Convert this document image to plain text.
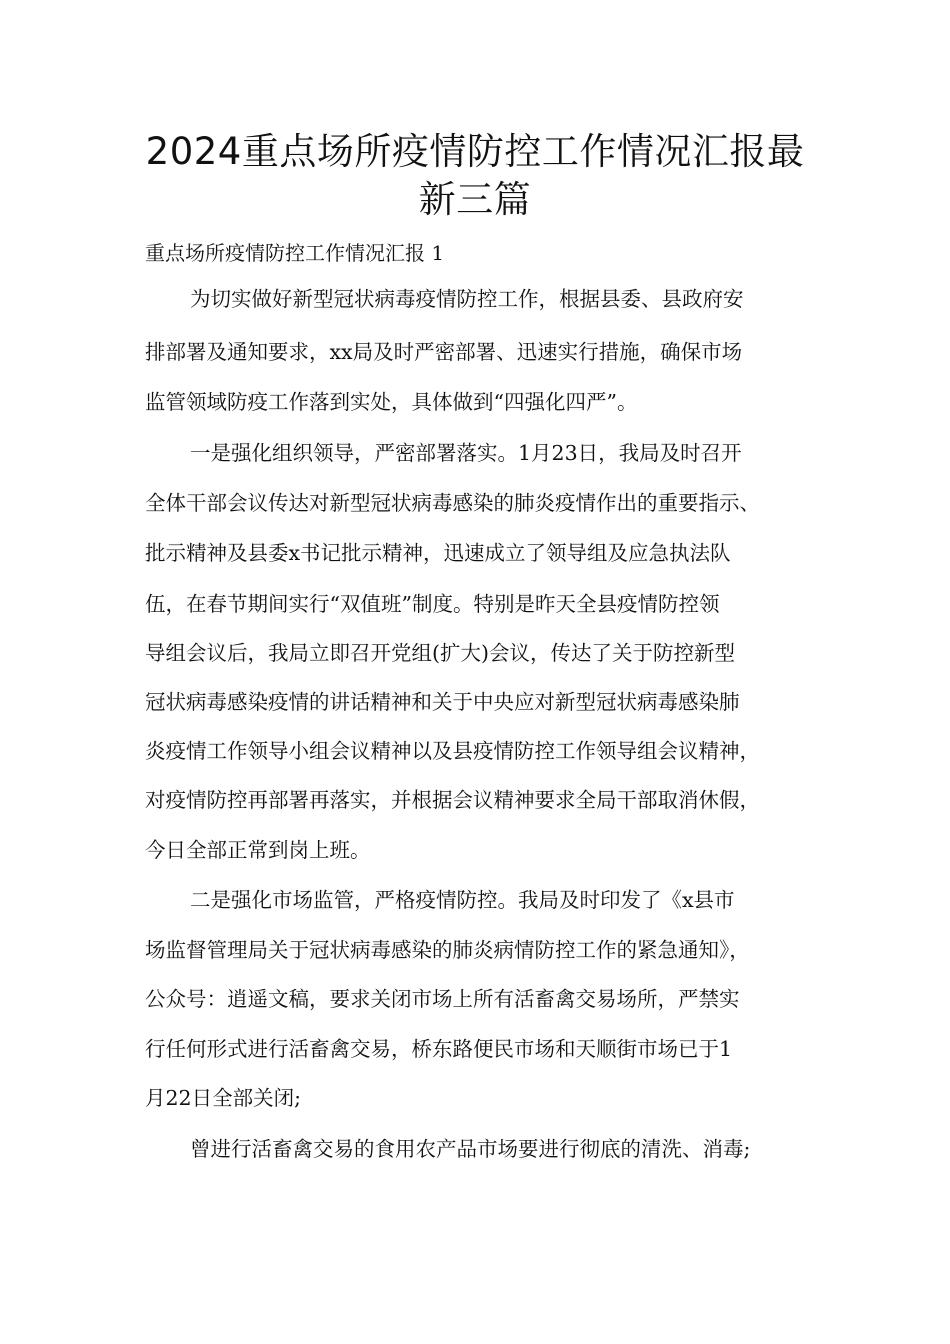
2024重点场所疫情防控工作情况汇报最
新三篇
重点场所疫情防控工作情况汇报 1
为切实做好新型冠状病毒疫情防控工作，根据县委、县政府安
排部署及通知要求，xx局及时严密部署、迅速实行措施，确保市场
监管领域防疫工作落到实处，具体做到“四强化四严”。
一是强化组织领导，严密部署落实。1月23日，我局及时召开
全体干部会议传达对新型冠状病毒感染的肺炎疫情作出的重要指示、
批示精神及县委x书记批示精神，迅速成立了领导组及应急执法队
伍，在春节期间实行“双值班”制度。特别是昨天全县疫情防控领
导组会议后，我局立即召开党组(扩大)会议，传达了关于防控新型
冠状病毒感染疫情的讲话精神和关于中央应对新型冠状病毒感染肺
炎疫情工作领导小组会议精神以及县疫情防控工作领导组会议精神，
对疫情防控再部署再落实，并根据会议精神要求全局干部取消休假，
今日全部正常到岗上班。
二是强化市场监管，严格疫情防控。我局及时印发了《x县市
场监督管理局关于冠状病毒感染的肺炎病情防控工作的紧急通知》，
公众号：逍遥文稿，要求关闭市场上所有活畜禽交易场所，严禁实
行任何形式进行活畜禽交易，桥东路便民市场和天顺街市场已于1
月22日全部关闭;
曾进行活畜禽交易的食用农产品市场要进行彻底的清洗、消毒;
